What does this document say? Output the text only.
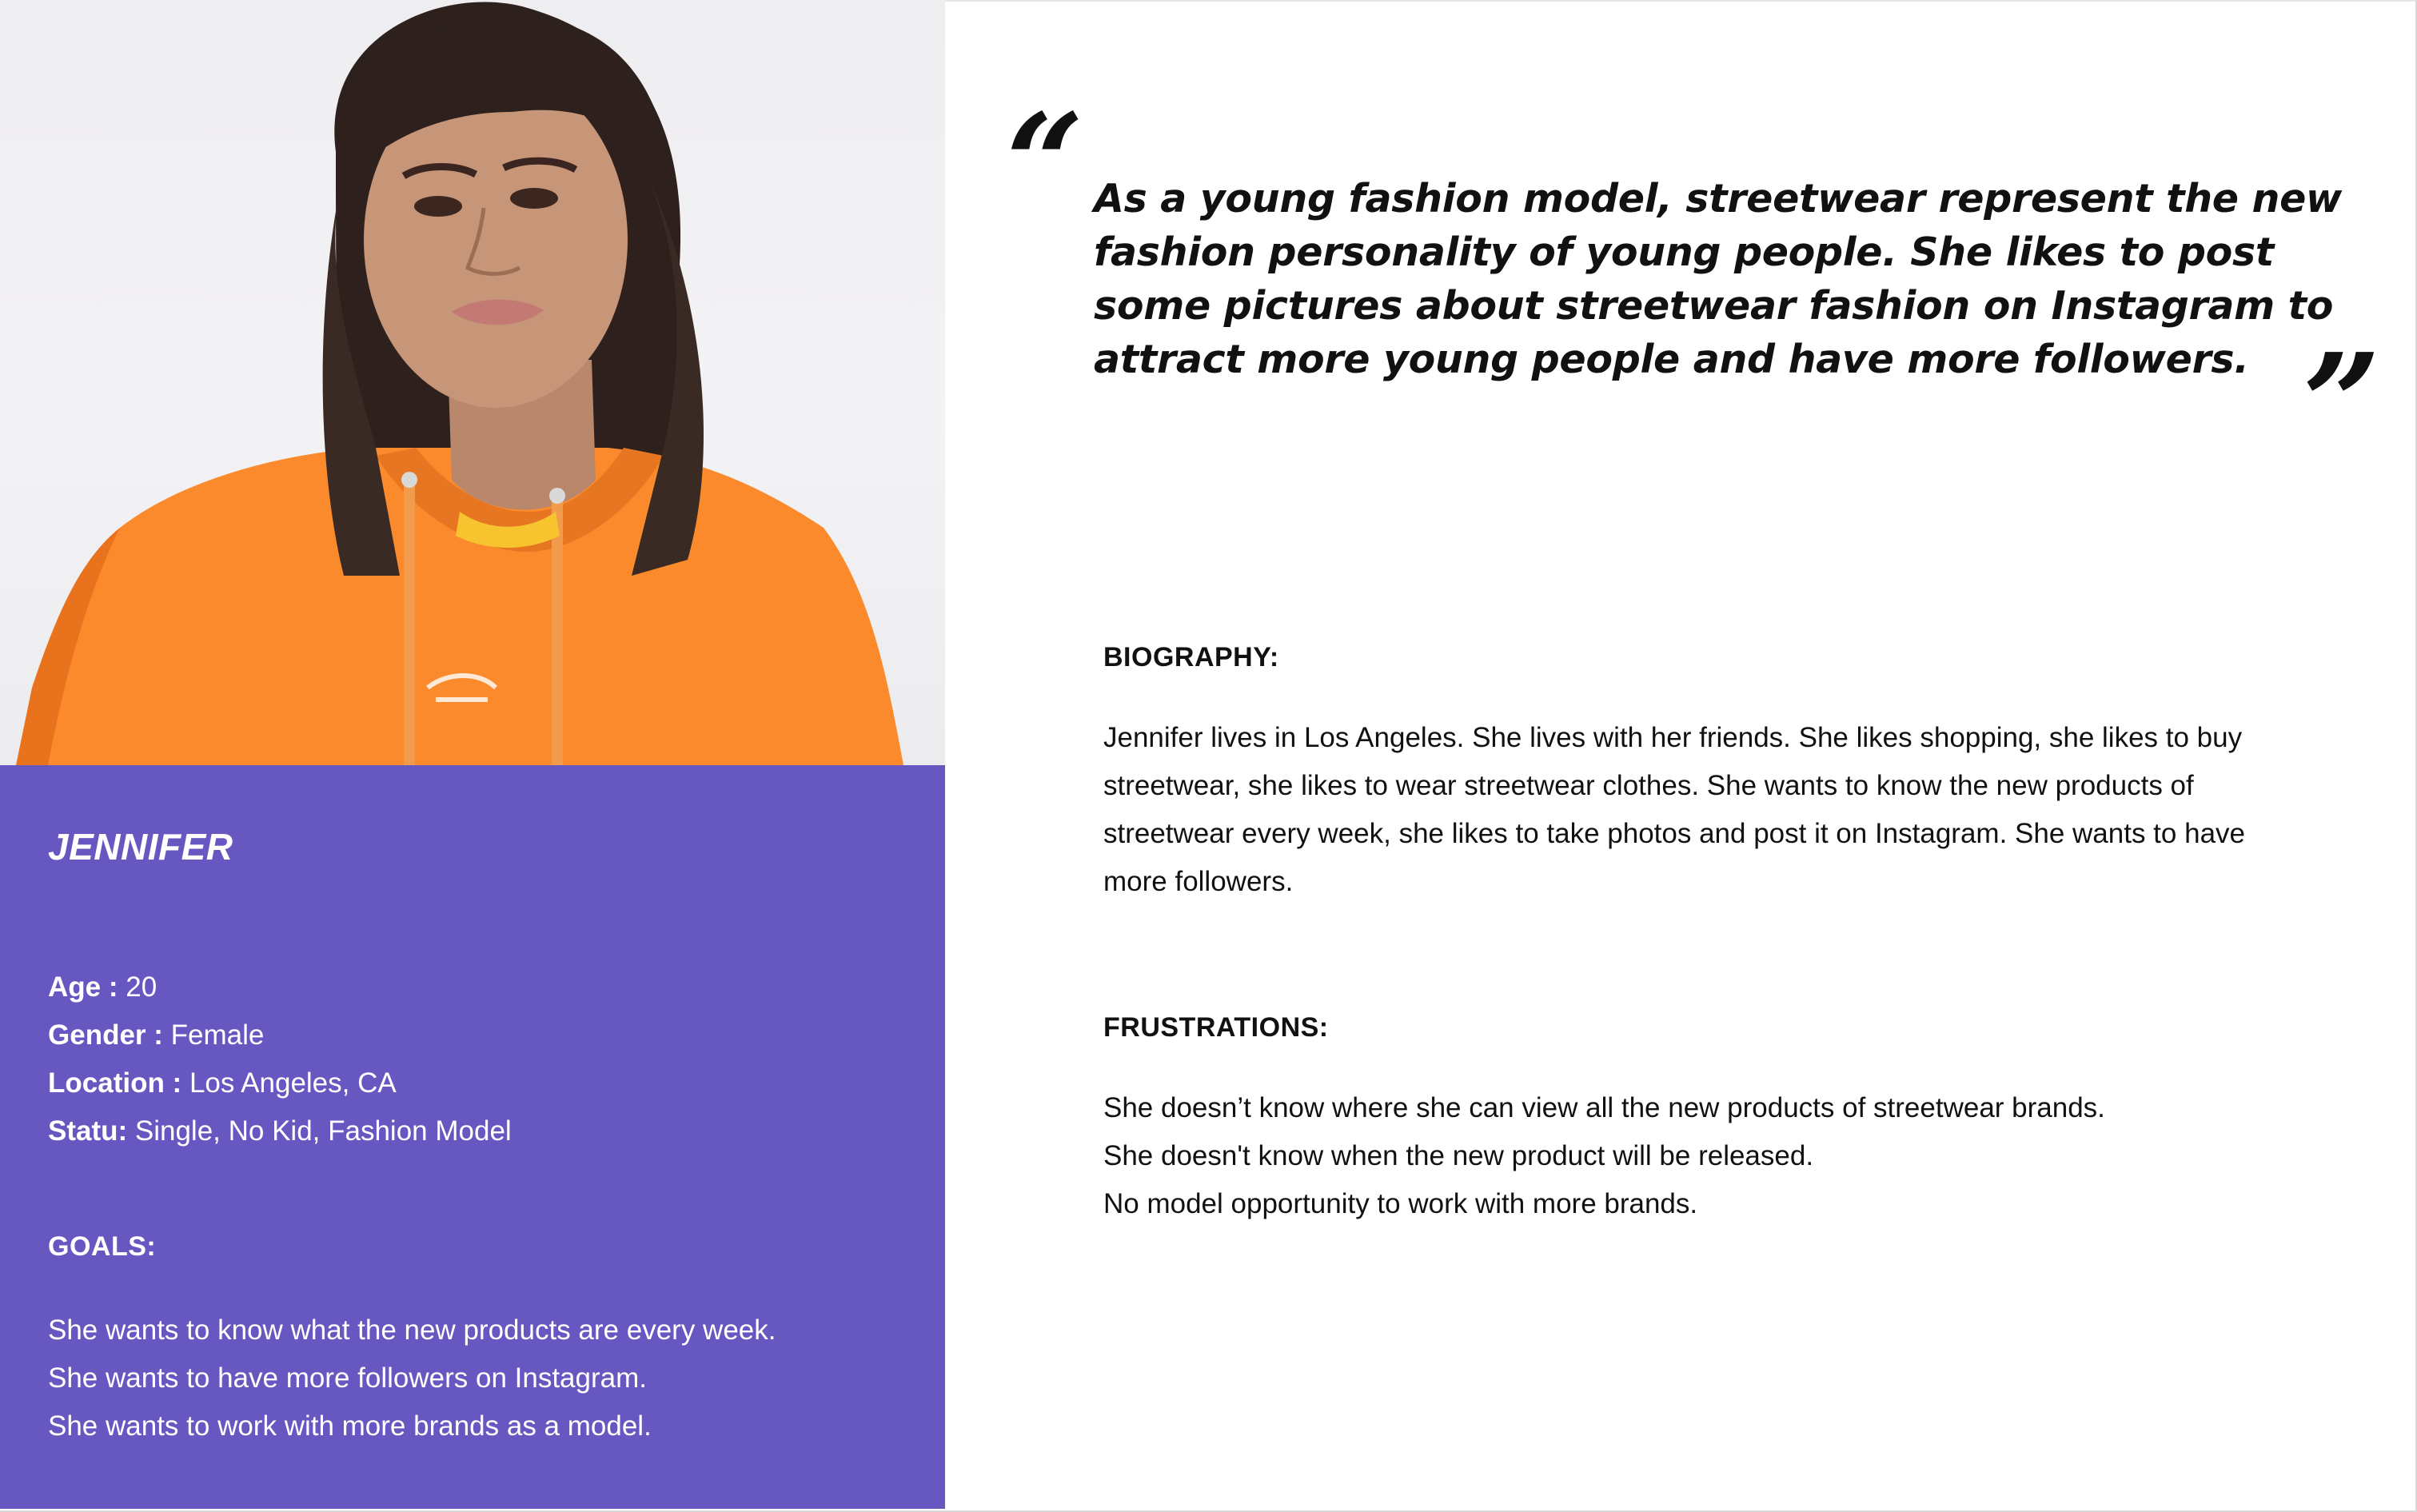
JENNIFER
Age : 20
Gender : Female
Location : Los Angeles, CA
Statu: Single, No Kid, Fashion Model
GOALS:
She wants to know what the new products are every week.
She wants to have more followers on Instagram.
She wants to work with more brands as a model.
“ As a young fashion model, streetwear represent the new fashion personality of young people. She likes to post some pictures about streetwear fashion on Instagram to attract more young people and have more followers. ”
BIOGRAPHY:

Jennifer lives in Los Angeles. She lives with her friends. She likes shopping, she likes to buy streetwear, she likes to wear streetwear clothes. She wants to know the new products of streetwear every week, she likes to take photos and post it on Instagram. She wants to have more followers.

FRUSTRATIONS:
She doesn’t know where she can view all the new products of streetwear brands.
She doesn't know when the new product will be released.
No model opportunity to work with more brands.
